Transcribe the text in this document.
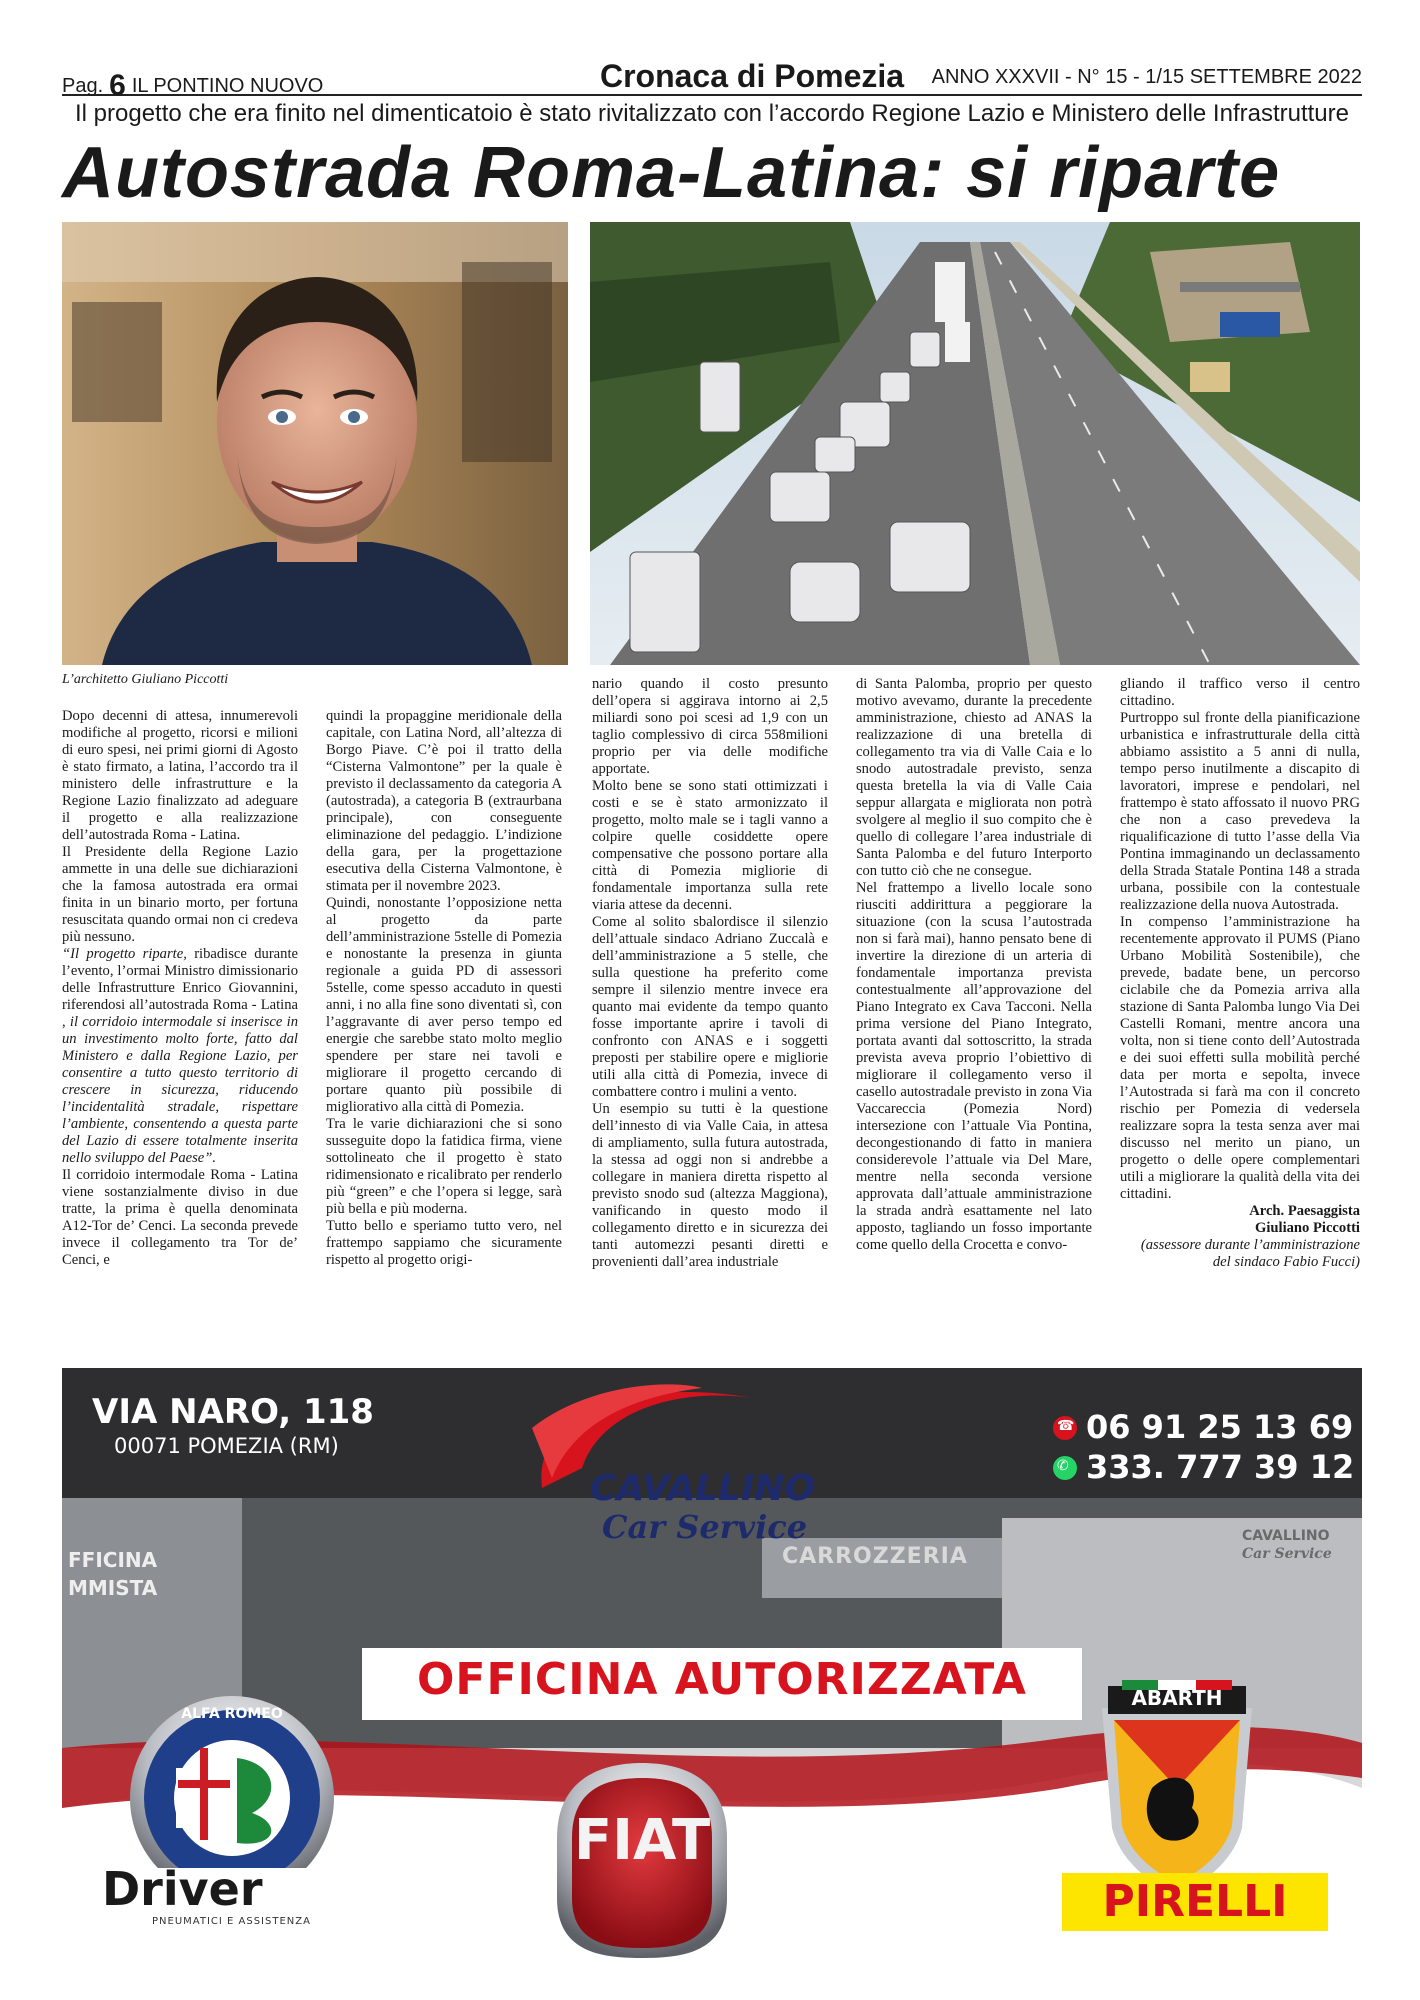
Pag. 6 IL PONTINO NUOVO	Cronaca di Pomezia	ANNO XXXVII - N° 15 - 1/15 SETTEMBRE 2022
Il progetto che era finito nel dimenticatoio è stato rivitalizzato con l’accordo Regione Lazio e Ministero delle Infrastrutture
Autostrada Roma-Latina: si riparte
L’architetto Giuliano Piccotti

Dopo decenni di attesa, innumerevoli modifiche al progetto, ricorsi e milioni di euro spesi, nei primi giorni di Agosto è stato firmato, a latina, l’accordo tra il ministero delle infrastrutture e la Regione Lazio finalizzato ad adeguare il progetto e alla realizzazione dell’autostrada Roma - Latina.

Il Presidente della Regione Lazio ammette in una delle sue dichiarazioni che la famosa autostrada era ormai finita in un binario morto, per fortuna resuscitata quando ormai non ci credeva più nessuno.

“Il progetto riparte, ribadisce durante l’evento, l’ormai Ministro dimissionario delle Infrastrutture Enrico Giovannini, riferendosi all’autostrada Roma - Latina , il corridoio intermodale si inserisce in un investimento molto forte, fatto dal Ministero e dalla Regione Lazio, per consentire a tutto questo territorio di crescere in sicurezza, riducendo l’incidentalità stradale, rispettare l’ambiente, consentendo a questa parte del Lazio di essere totalmente inserita nello sviluppo del Paese”.

Il corridoio intermodale Roma - Latina viene sostanzialmente diviso in due tratte, la prima è quella denominata A12-Tor de’ Cenci. La seconda prevede invece il collegamento tra Tor de’ Cenci, e

quindi la propaggine meridionale della capitale, con Latina Nord, all’altezza di Borgo Piave. C’è poi il tratto della “Cisterna Valmontone” per la quale è previsto il declassamento da categoria A (autostrada), a categoria B (extraurbana principale), con conseguente eliminazione del pedaggio. L’indizione della gara, per la progettazione esecutiva della Cisterna Valmontone, è stimata per il novembre 2023.

Quindi, nonostante l’opposizione netta al progetto da parte dell’amministrazione 5stelle di Pomezia e nonostante la presenza in giunta regionale a guida PD di assessori 5stelle, come spesso accaduto in questi anni, i no alla fine sono diventati sì, con l’aggravante di aver perso tempo ed energie che sarebbe stato molto meglio spendere per stare nei tavoli e migliorare il progetto cercando di portare quanto più possibile di migliorativo alla città di Pomezia.

Tra le varie dichiarazioni che si sono susseguite dopo la fatidica firma, viene sottolineato che il progetto è stato ridimensionato e ricalibrato per renderlo più “green” e che l’opera si legge, sarà più bella e più moderna.

Tutto bello e speriamo tutto vero, nel frattempo sappiamo che sicuramente rispetto al progetto origi-

nario quando il costo presunto dell’opera si aggirava intorno ai 2,5 miliardi sono poi scesi ad 1,9 con un taglio complessivo di circa 558milioni proprio per via delle modifiche apportate.

Molto bene se sono stati ottimizzati i costi e se è stato armonizzato il progetto, molto male se i tagli vanno a colpire quelle cosiddette opere compensative che possono portare alla città di Pomezia migliorie di fondamentale importanza sulla rete viaria attese da decenni.

Come al solito sbalordisce il silenzio dell’attuale sindaco Adriano Zuccalà e dell’amministrazione a 5 stelle, che sulla questione ha preferito come sempre il silenzio mentre invece era quanto mai evidente da tempo quanto fosse importante aprire i tavoli di confronto con ANAS e i soggetti preposti per stabilire opere e migliorie utili alla città di Pomezia, invece di combattere contro i mulini a vento.

Un esempio su tutti è la questione dell’innesto di via Valle Caia, in attesa di ampliamento, sulla futura autostrada, la stessa ad oggi non si andrebbe a collegare in maniera diretta rispetto al previsto snodo sud (altezza Maggiona), vanificando in questo modo il collegamento diretto e in sicurezza dei tanti automezzi pesanti diretti e provenienti dall’area industriale

di Santa Palomba, proprio per questo motivo avevamo, durante la precedente amministrazione, chiesto ad ANAS la realizzazione di una bretella di collegamento tra via di Valle Caia e lo snodo autostradale previsto, senza questa bretella la via di Valle Caia seppur allargata e migliorata non potrà svolgere al meglio il suo compito che è quello di collegare l’area industriale di Santa Palomba e del futuro Interporto con tutto ciò che ne consegue.

Nel frattempo a livello locale sono riusciti addirittura a peggiorare la situazione (con la scusa l’autostrada non si farà mai), hanno pensato bene di invertire la direzione di un arteria di fondamentale importanza prevista contestualmente all’approvazione del Piano Integrato ex Cava Tacconi. Nella prima versione del Piano Integrato, portata avanti dal sottoscritto, la strada prevista aveva proprio l’obiettivo di migliorare il collegamento verso il casello autostradale previsto in zona Via Vaccareccia (Pomezia Nord) intersezione con l’attuale Via Pontina, decongestionando di fatto in maniera considerevole l’attuale via Del Mare, mentre nella seconda versione approvata dall’attuale amministrazione la strada andrà esattamente nel lato apposto, tagliando un fosso importante come quello della Crocetta e convo-

gliando il traffico verso il centro cittadino.

Purtroppo sul fronte della pianificazione urbanistica e infrastrutturale della città abbiamo assistito a 5 anni di nulla, tempo perso inutilmente a discapito di lavoratori, imprese e pendolari, nel frattempo è stato affossato il nuovo PRG che non a caso prevedeva la riqualificazione di tutto l’asse della Via Pontina immaginando un declassamento della Strada Statale Pontina 148 a strada urbana, possibile con la contestuale realizzazione della nuova Autostrada.

In compenso l’amministrazione ha recentemente approvato il PUMS (Piano Urbano Mobilità Sostenibile), che prevede, badate bene, un percorso ciclabile che da Pomezia arriva alla stazione di Santa Palomba lungo Via Dei Castelli Romani, mentre ancora una volta, non si tiene conto dell’Autostrada e dei suoi effetti sulla mobilità perché data per morta e sepolta, invece l’Autostrada si farà ma con il concreto rischio per Pomezia di vedersela realizzare sopra la testa senza aver mai discusso nel merito un piano, un progetto o delle opere complementari utili a migliorare la qualità della vita dei cittadini.

Arch. Paesaggista

Giuliano Piccotti

(assessore durante l’amministrazione del sindaco Fabio Fucci)

VIA NARO, 118
00071 POMEZIA (RM)	06 91 25 13 69
333. 777 39 12
☎
✆
CARROZZERIA
FFICINA
MMISTA
CAVALLINO
Car Service
CAVALLINO
Car Service
OFFICINA AUTORIZZATA
ALFA ROMEO
FIAT
ABARTH
Driver
PNEUMATICI E ASSISTENZA	PIRELLI
